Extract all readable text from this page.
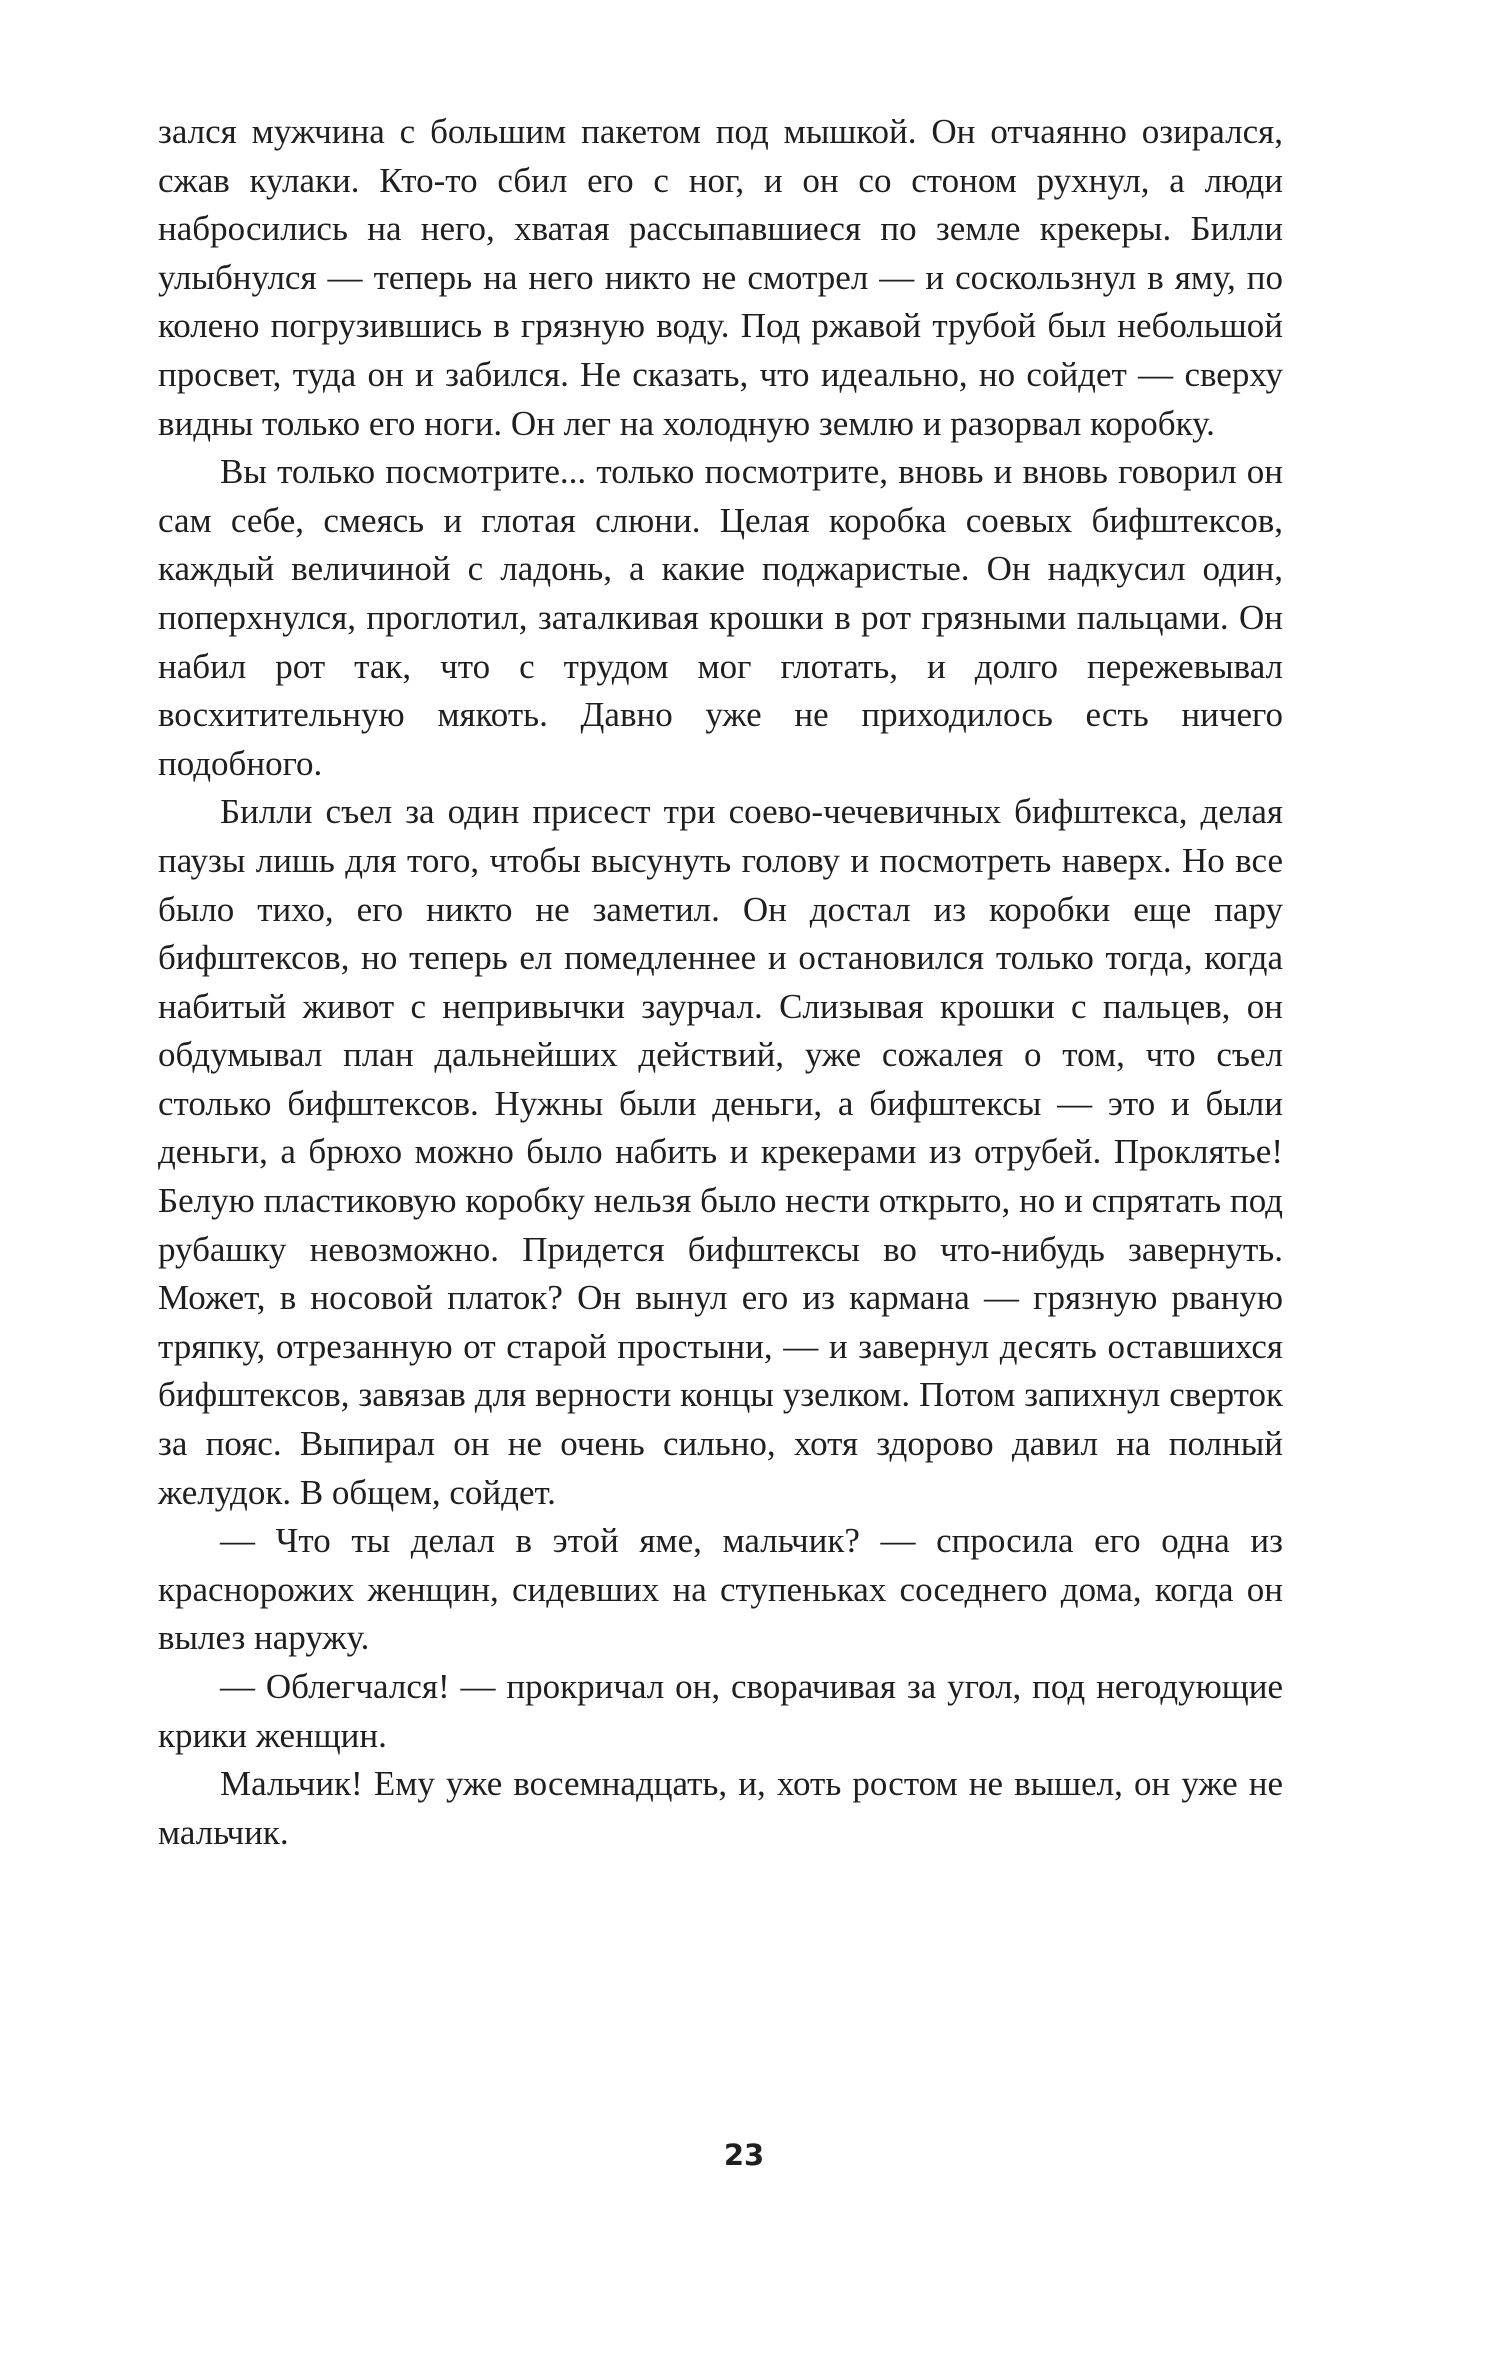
зался мужчина с большим пакетом под мышкой. Он отчаянно озирался, сжав кулаки. Кто-то сбил его с ног, и он со стоном рухнул, а люди набросились на него, хватая рассыпавшиеся по земле крекеры. Билли улыбнулся — теперь на него никто не смотрел — и соскользнул в яму, по колено погрузившись в грязную воду. Под ржавой трубой был небольшой просвет, туда он и забился. Не сказать, что идеально, но сойдет — сверху видны только его ноги. Он лег на холодную землю и разорвал коробку.

Вы только посмотрите... только посмотрите, вновь и вновь говорил он сам себе, смеясь и глотая слюни. Целая коробка соевых бифштексов, каждый величиной с ладонь, а какие поджаристые. Он надкусил один, поперхнулся, проглотил, заталкивая крошки в рот грязными пальцами. Он набил рот так, что с трудом мог глотать, и долго пережевывал восхитительную мякоть. Давно уже не приходилось есть ничего подобного.

Билли съел за один присест три соево-чечевичных бифштекса, делая паузы лишь для того, чтобы высунуть голову и посмотреть наверх. Но все было тихо, его никто не заметил. Он достал из коробки еще пару бифштексов, но теперь ел помедленнее и остановился только тогда, когда набитый живот с непривычки заурчал. Слизывая крошки с пальцев, он обдумывал план дальнейших действий, уже сожалея о том, что съел столько бифштексов. Нужны были деньги, а бифштексы — это и были деньги, а брюхо можно было набить и крекерами из отрубей. Проклятье! Белую пластиковую коробку нельзя было нести открыто, но и спрятать под рубашку невозможно. Придется бифштексы во что-нибудь завернуть. Может, в носовой платок? Он вынул его из кармана — грязную рваную тряпку, отрезанную от старой простыни, — и завернул десять оставшихся бифштексов, завязав для верности концы узелком. Потом запихнул сверток за пояс. Выпирал он не очень сильно, хотя здорово давил на полный желудок. В общем, сойдет.

— Что ты делал в этой яме, мальчик? — спросила его одна из краснорожих женщин, сидевших на ступеньках соседнего дома, когда он вылез наружу.

— Облегчался! — прокричал он, сворачивая за угол, под негодующие крики женщин.

Мальчик! Ему уже восемнадцать, и, хоть ростом не вышел, он уже не мальчик.

23
